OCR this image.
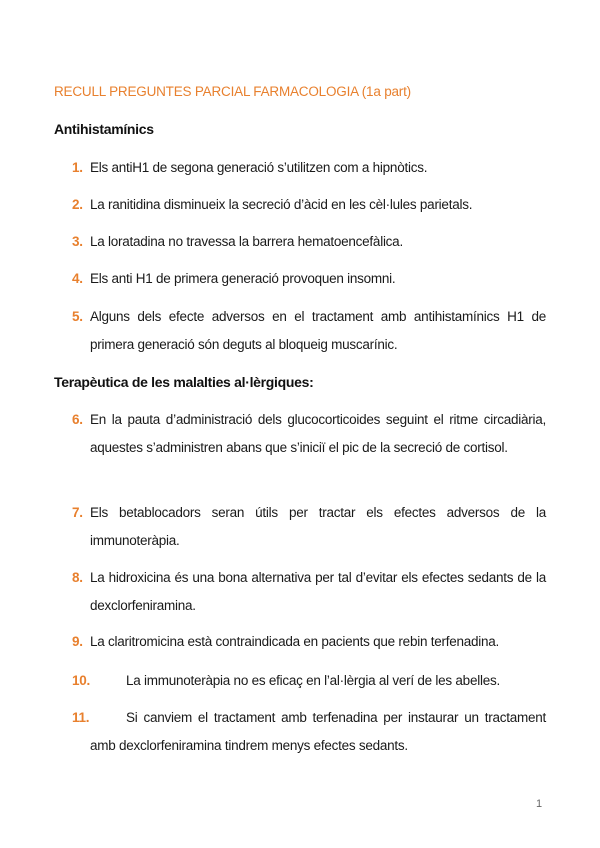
RECULL PREGUNTES PARCIAL FARMACOLOGIA (1a part)
Antihistamínics
1. Els antiH1 de segona generació s’utilitzen com a hipnòtics.
2. La ranitidina disminueix la secreció d’àcid en les cèl·lules parietals.
3. La loratadina no travessa la barrera hematoencefàlica.
4. Els anti H1 de primera generació provoquen insomni.
5. Alguns dels efecte adversos en el tractament amb antihistamínics H1 de primera generació són deguts al bloqueig muscarínic.
Terapèutica de les malalties al·lèrgiques:
6. En la pauta d’administració dels glucocorticoides seguint el ritme circadiària, aquestes s’administren abans que s’iniciï el pic de la secreció de cortisol.
7. Els betablocadors seran útils per tractar els efectes adversos de la immunoteràpia.
8. La hidroxicina és una bona alternativa per tal d’evitar els efectes sedants de la dexclorfeniramina.
9. La claritromicina està contraindicada en pacients que rebin terfenadina.
10.	La immunoteràpia no es eficaç en l’al·lèrgia al verí de les abelles.
11.	Si canviem el tractament amb terfenadina per instaurar un tractament amb dexclorfeniramina tindrem menys efectes sedants.
1
